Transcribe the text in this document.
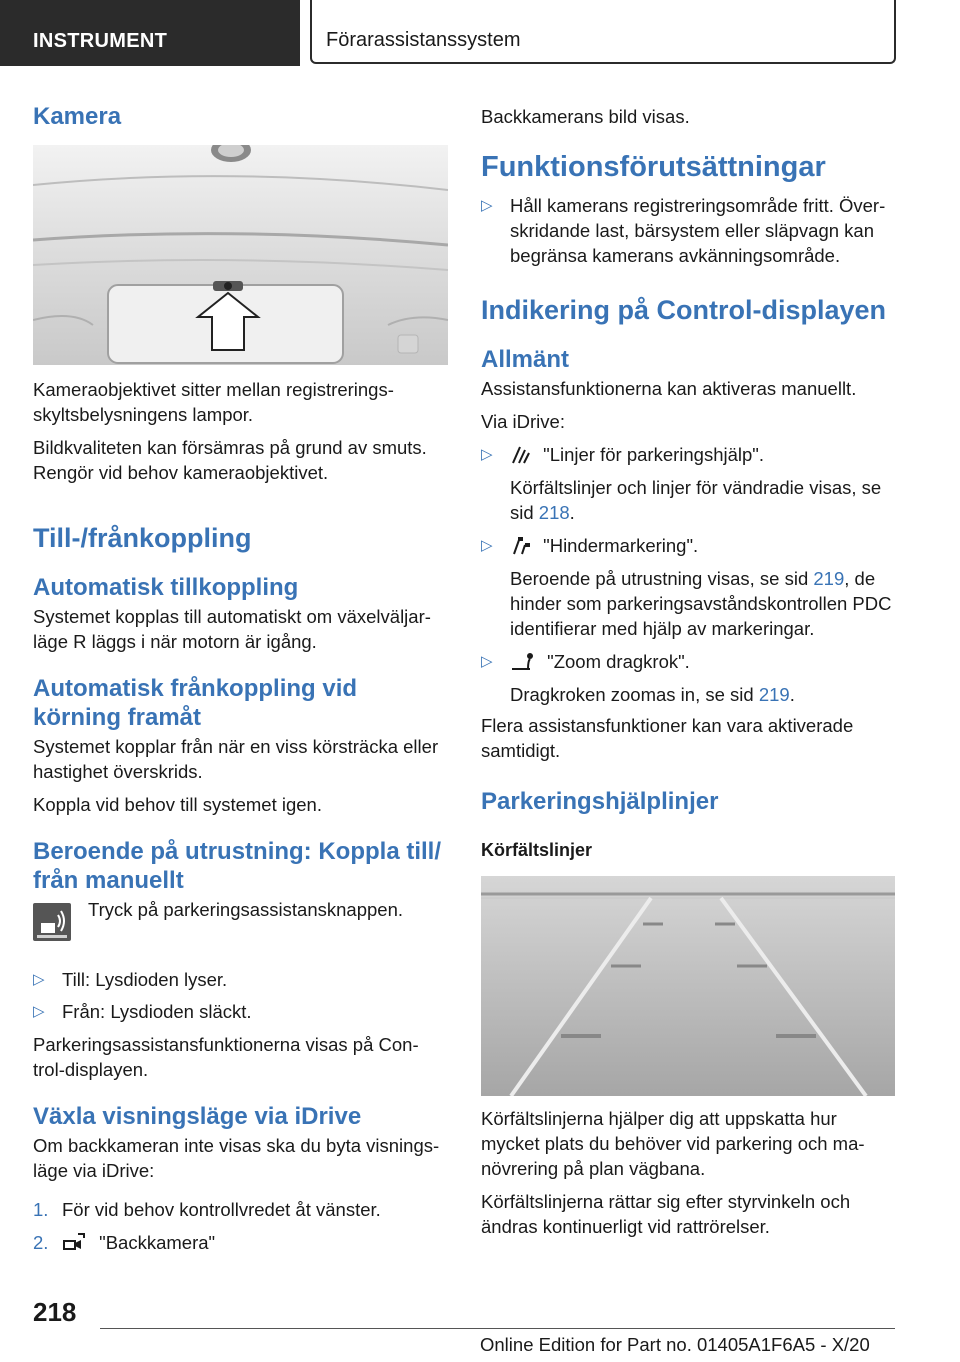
INSTRUMENT	Förarassistanssystem
Kamera

Kameraobjektivet sitter mellan registrerings-skyltsbelysningens lampor.

Bildkvaliteten kan försämras på grund av smuts. Rengör vid behov kameraobjektivet.

Till-/frånkoppling
Automatisk tillkoppling

Systemet kopplas till automatiskt om växelväljar-läge R läggs i när motorn är igång.

Automatisk frånkoppling vid körning framåt

Systemet kopplar från när en viss körsträcka eller hastighet överskrids.

Koppla vid behov till systemet igen.

Beroende på utrustning: Koppla till/ från manuellt

Tryck på parkeringsassistansknappen.

▷ Till: Lysdioden lyser.
▷ Från: Lysdioden släckt.

Parkeringsassistansfunktionerna visas på Con-trol-displayen.

Växla visningsläge via iDrive

Om backkameran inte visas ska du byta visnings-läge via iDrive:

1. För vid behov kontrollvredet åt vänster.
2.	"Backkamera"

Backkamerans bild visas.

Funktionsförutsättningar
▷ Håll kamerans registreringsområde fritt. Över-skridande last, bärsystem eller släpvagn kan begränsa kamerans avkänningsområde.
Indikering på Control-displayen
Allmänt

Assistansfunktionerna kan aktiveras manuellt.

Via iDrive:

▷	"Linjer för parkeringshjälp".

Körfältslinjer och linjer för vändradie visas, se sid 218.

▷	"Hindermarkering".

Beroende på utrustning visas, se sid 219, de hinder som parkeringsavståndskontrollen PDC identifierar med hjälp av markeringar.

▷	"Zoom dragkrok".

Dragkroken zoomas in, se sid 219.

Flera assistansfunktioner kan vara aktiverade samtidigt.

Parkeringshjälplinjer
Körfältslinjer

Körfältslinjerna hjälper dig att uppskatta hur mycket plats du behöver vid parkering och ma-növrering på plan vägbana.

Körfältslinjerna rättar sig efter styrvinkeln och ändras kontinuerligt vid rattrörelser.

218
Online Edition for Part no. 01405A1F6A5 - X/20
